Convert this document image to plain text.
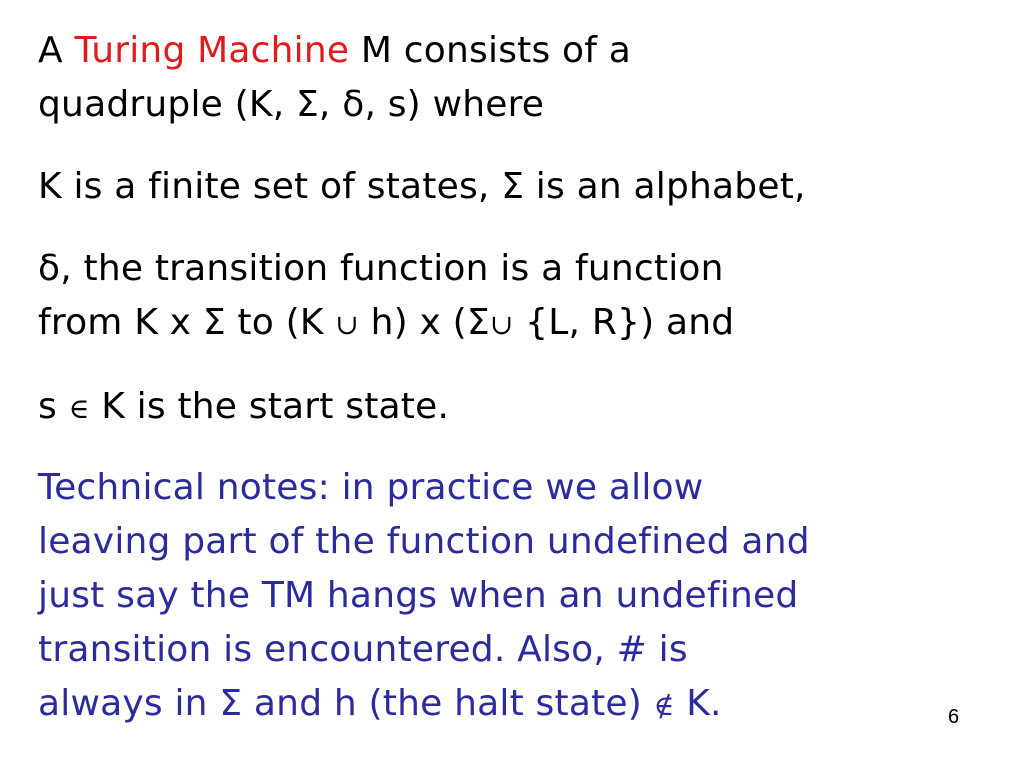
A Turing Machine M consists of a
quadruple (K, Σ, δ, s) where

K is a finite set of states, Σ is an alphabet,

δ, the transition function is a function
from K x Σ to (K ∪ h) x (Σ∪ {L, R}) and

s ∈ K is the start state.

Technical notes: in practice we allow
leaving part of the function undefined and
just say the TM hangs when an undefined
transition is encountered. Also, # is
always in Σ and h (the halt state) ∉ K.	6
